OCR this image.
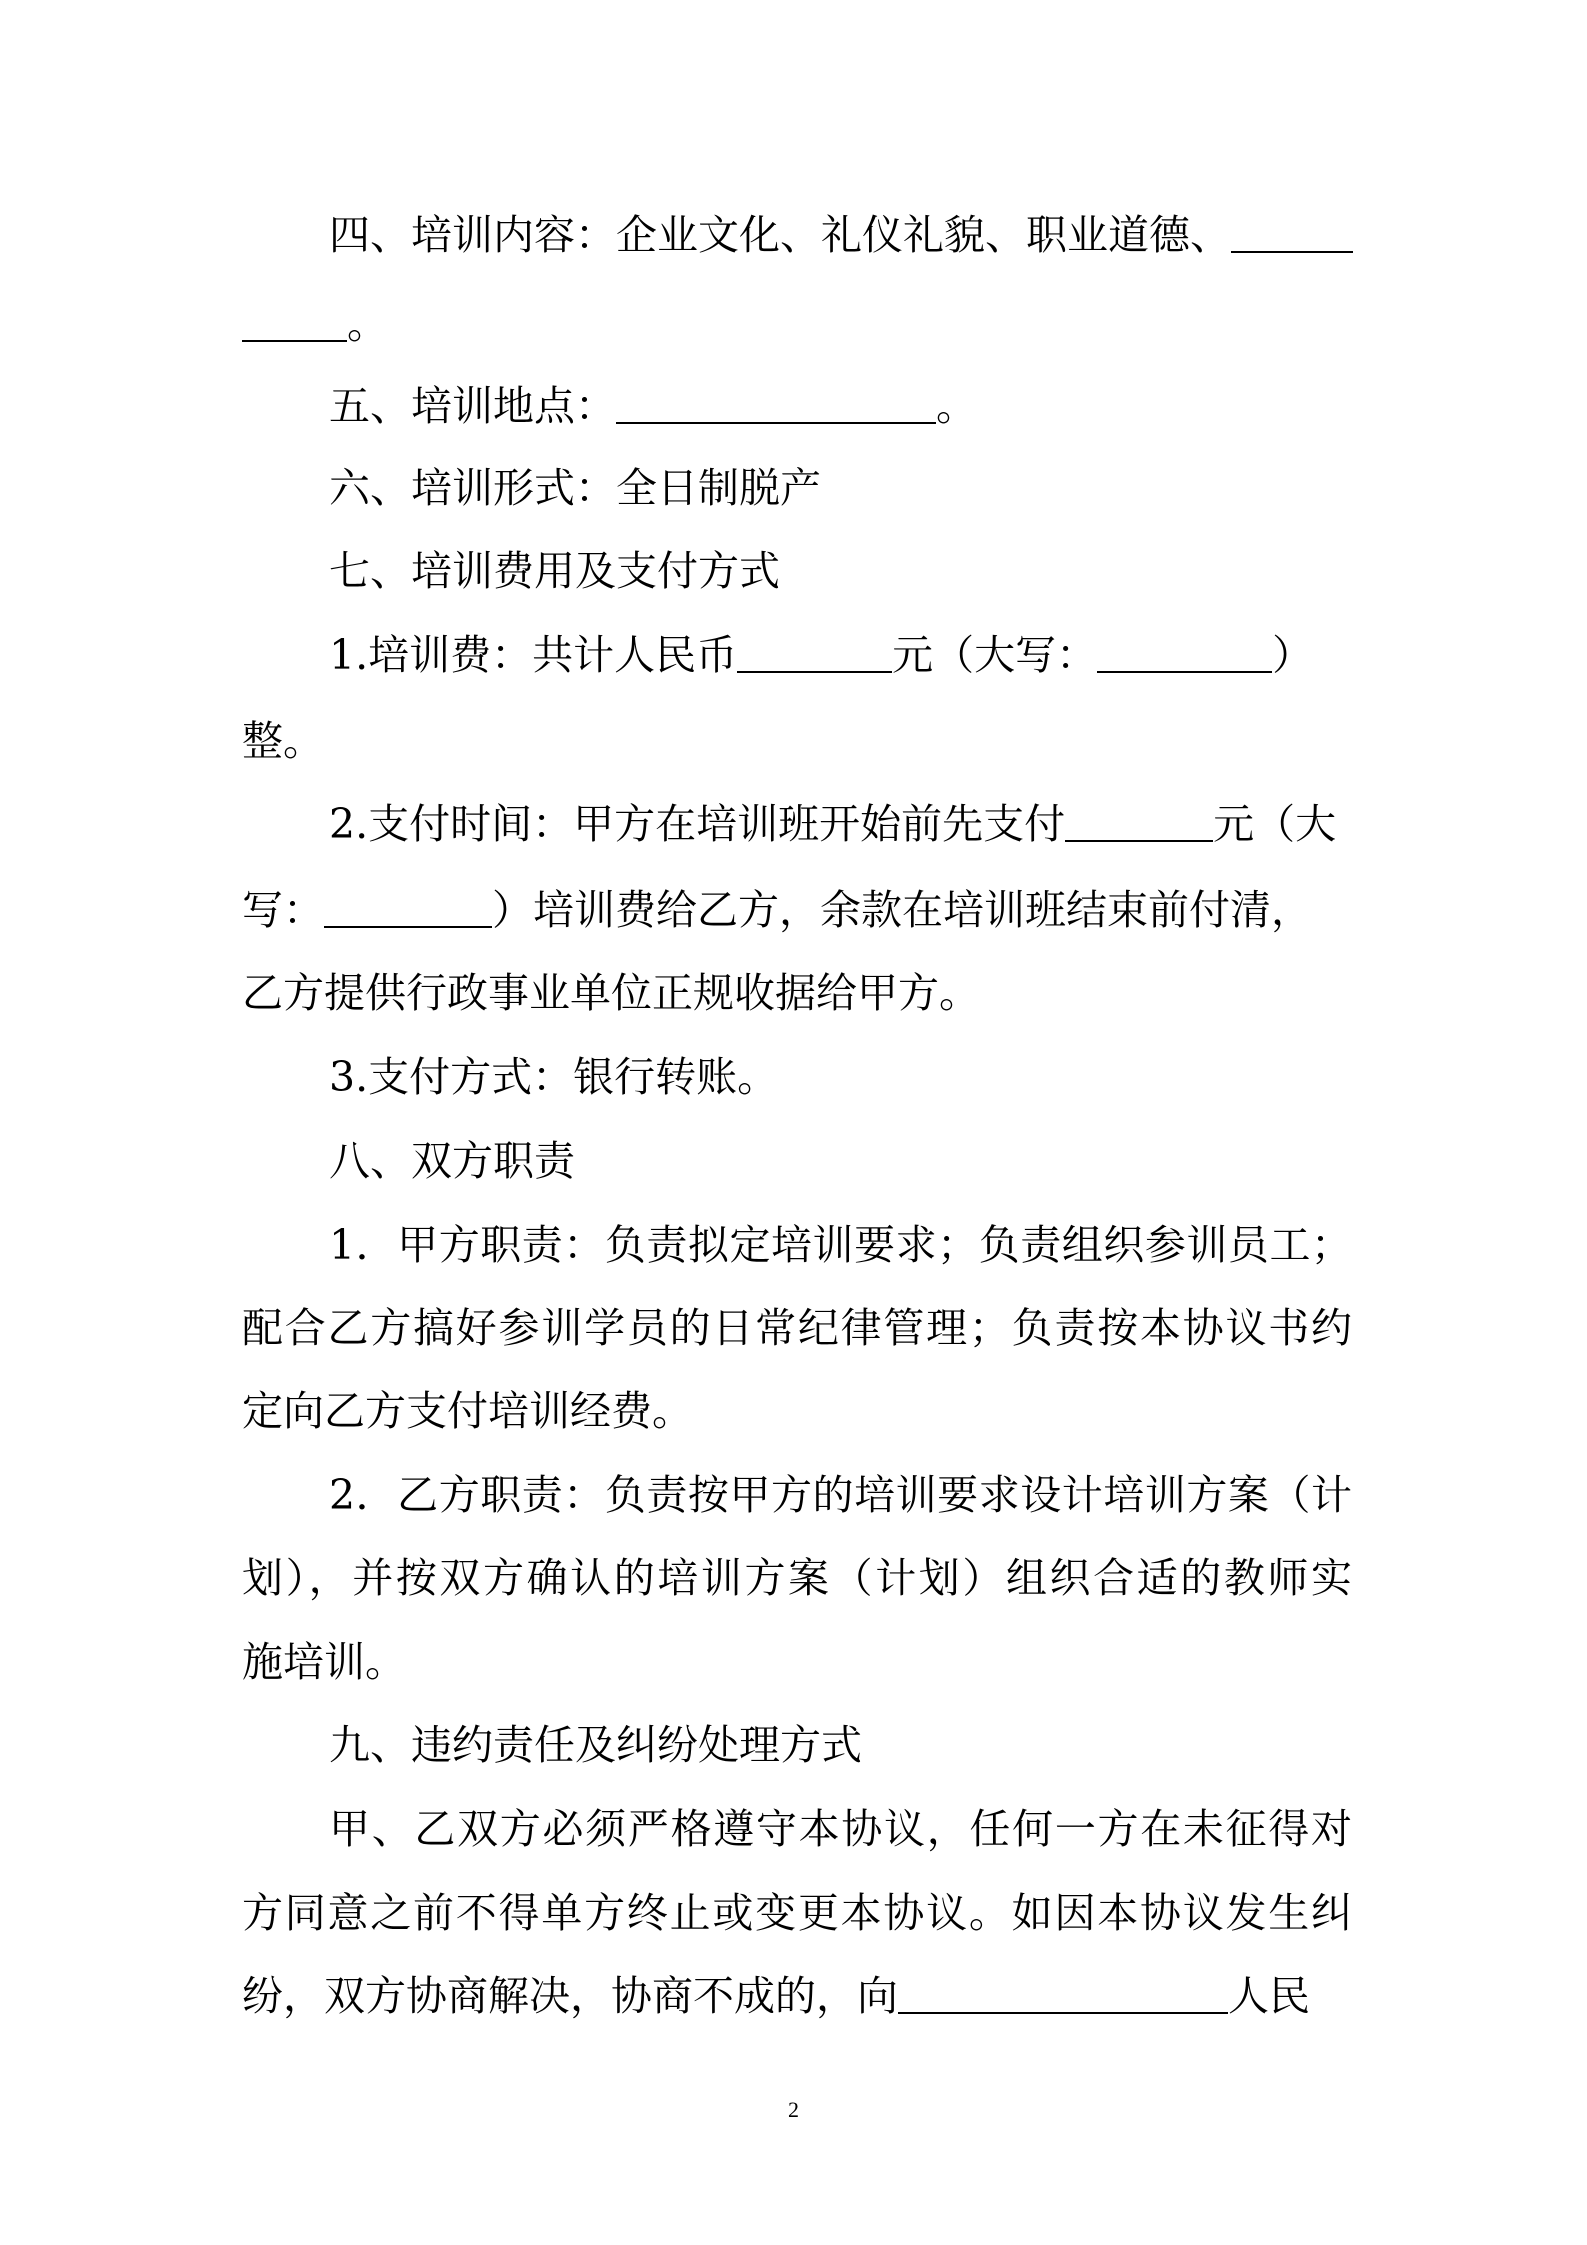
四、培训内容：企业文化、礼仪礼貌、职业道德、
。
五、培训地点：	。
六、培训形式：全日制脱产
七、培训费用及支付方式
1.培训费：共计人民币	元（大写：	）
整。
2.支付时间：甲方在培训班开始前先支付	元（大
写：	）培训费给乙方，余款在培训班结束前付清，
乙方提供行政事业单位正规收据给甲方。
3.支付方式：银行转账。
八、双方职责
1．甲方职责：负责拟定培训要求；负责组织参训员工；
配合乙方搞好参训学员的日常纪律管理；负责按本协议书约
定向乙方支付培训经费。
2．乙方职责：负责按甲方的培训要求设计培训方案（计
划），并按双方确认的培训方案（计划）组织合适的教师实
施培训。
九、违约责任及纠纷处理方式
甲、乙双方必须严格遵守本协议，任何一方在未征得对
方同意之前不得单方终止或变更本协议。如因本协议发生纠
纷，双方协商解决，协商不成的，向	人民
2
